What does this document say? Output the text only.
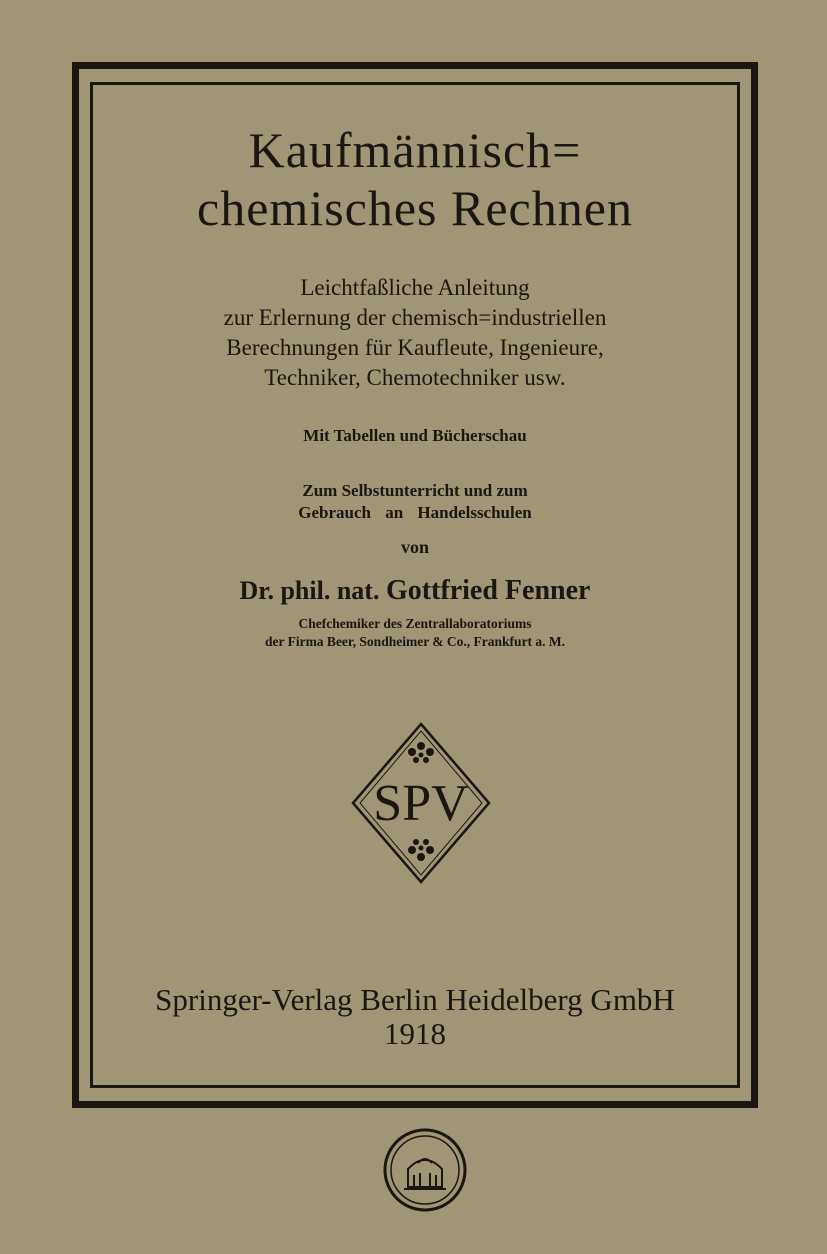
Kaufmännisch=
chemisches Rechnen
Leichtfaßliche Anleitung
zur Erlernung der chemisch=industriellen
Berechnungen für Kaufleute, Ingenieure,
Techniker, Chemotechniker usw.
Mit Tabellen und Bücherschau
Zum Selbstunterricht und zum
Gebrauch an Handelsschulen
von
Dr. phil. nat. Gottfried Fenner
Chefchemiker des Zentrallaboratoriums
der Firma Beer, Sondheimer & Co., Frankfurt a. M.
SPV
Springer-Verlag Berlin Heidelberg GmbH
1918
